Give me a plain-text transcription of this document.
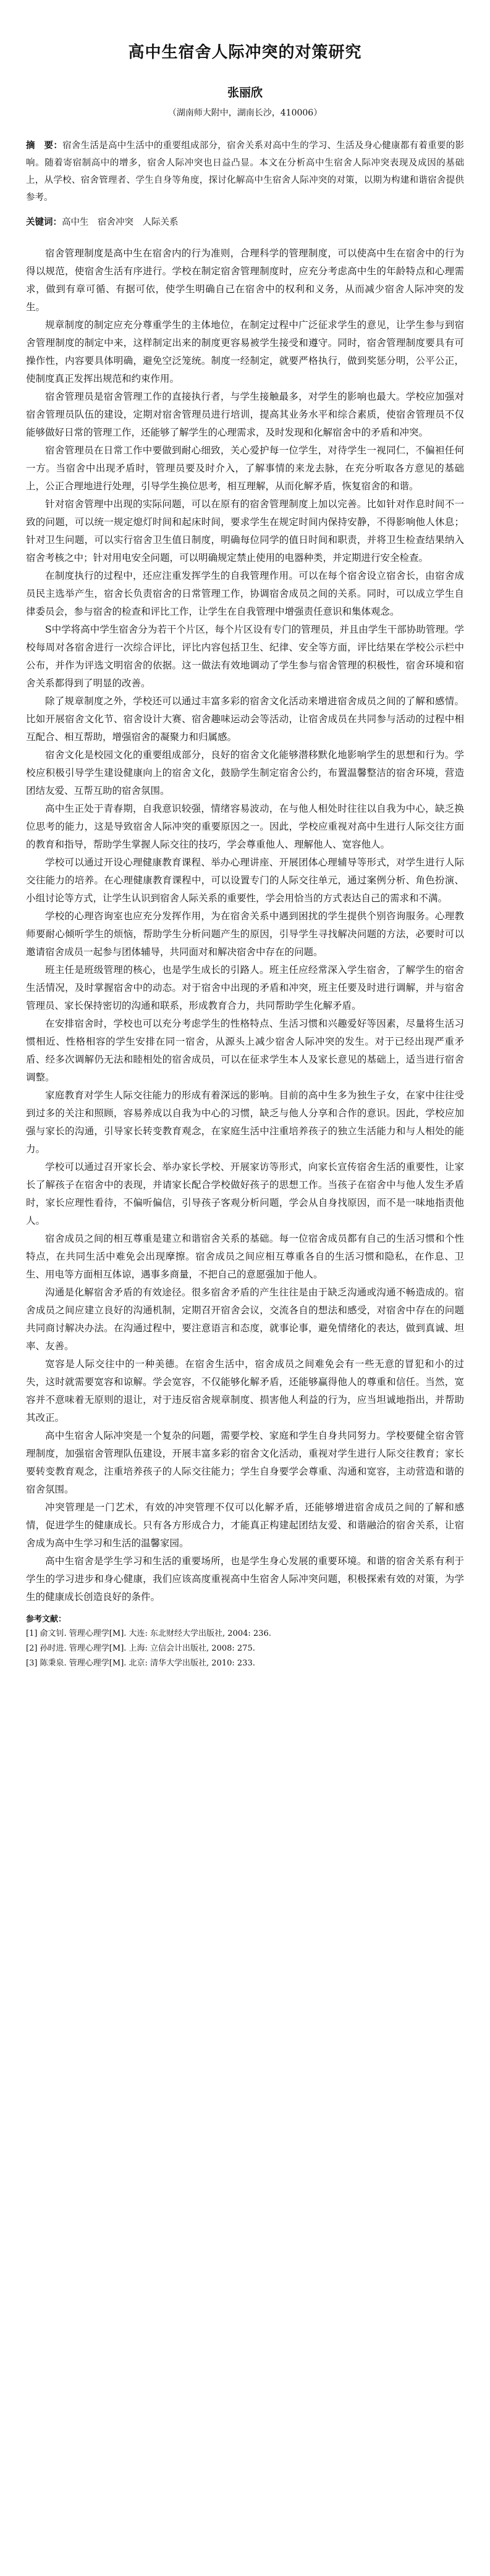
高中生宿舍人际冲突的对策研究
张丽欣
（湖南师大附中，湖南长沙，410006）

摘　要：宿舍生活是高中生活中的重要组成部分，宿舍关系对高中生的学习、生活及身心健康都有着重要的影响。随着寄宿制高中的增多，宿舍人际冲突也日益凸显。本文在分析高中生宿舍人际冲突表现及成因的基础上，从学校、宿舍管理者、学生自身等角度，探讨化解高中生宿舍人际冲突的对策，以期为构建和谐宿舍提供参考。

关键词：高中生　宿舍冲突　人际关系

宿舍管理制度是高中生在宿舍内的行为准则，合理科学的管理制度，可以使高中生在宿舍中的行为得以规范，使宿舍生活有序进行。学校在制定宿舍管理制度时，应充分考虑高中生的年龄特点和心理需求，做到有章可循、有据可依，使学生明确自己在宿舍中的权利和义务，从而减少宿舍人际冲突的发生。

规章制度的制定应充分尊重学生的主体地位，在制定过程中广泛征求学生的意见，让学生参与到宿舍管理制度的制定中来，这样制定出来的制度更容易被学生接受和遵守。同时，宿舍管理制度要具有可操作性，内容要具体明确，避免空泛笼统。制度一经制定，就要严格执行，做到奖惩分明，公平公正，使制度真正发挥出规范和约束作用。

宿舍管理员是宿舍管理工作的直接执行者，与学生接触最多，对学生的影响也最大。学校应加强对宿舍管理员队伍的建设，定期对宿舍管理员进行培训，提高其业务水平和综合素质，使宿舍管理员不仅能够做好日常的管理工作，还能够了解学生的心理需求，及时发现和化解宿舍中的矛盾和冲突。

宿舍管理员在日常工作中要做到耐心细致，关心爱护每一位学生，对待学生一视同仁，不偏袒任何一方。当宿舍中出现矛盾时，管理员要及时介入，了解事情的来龙去脉，在充分听取各方意见的基础上，公正合理地进行处理，引导学生换位思考，相互理解，从而化解矛盾，恢复宿舍的和谐。

针对宿舍管理中出现的实际问题，可以在原有的宿舍管理制度上加以完善。比如针对作息时间不一致的问题，可以统一规定熄灯时间和起床时间，要求学生在规定时间内保持安静，不得影响他人休息；针对卫生问题，可以实行宿舍卫生值日制度，明确每位同学的值日时间和职责，并将卫生检查结果纳入宿舍考核之中；针对用电安全问题，可以明确规定禁止使用的电器种类，并定期进行安全检查。

在制度执行的过程中，还应注重发挥学生的自我管理作用。可以在每个宿舍设立宿舍长，由宿舍成员民主选举产生，宿舍长负责宿舍的日常管理工作，协调宿舍成员之间的关系。同时，可以成立学生自律委员会，参与宿舍的检查和评比工作，让学生在自我管理中增强责任意识和集体观念。

S中学将高中学生宿舍分为若干个片区，每个片区设有专门的管理员，并且由学生干部协助管理。学校每周对各宿舍进行一次综合评比，评比内容包括卫生、纪律、安全等方面，评比结果在学校公示栏中公布，并作为评选文明宿舍的依据。这一做法有效地调动了学生参与宿舍管理的积极性，宿舍环境和宿舍关系都得到了明显的改善。

除了规章制度之外，学校还可以通过丰富多彩的宿舍文化活动来增进宿舍成员之间的了解和感情。比如开展宿舍文化节、宿舍设计大赛、宿舍趣味运动会等活动，让宿舍成员在共同参与活动的过程中相互配合、相互帮助，增强宿舍的凝聚力和归属感。

宿舍文化是校园文化的重要组成部分，良好的宿舍文化能够潜移默化地影响学生的思想和行为。学校应积极引导学生建设健康向上的宿舍文化，鼓励学生制定宿舍公约，布置温馨整洁的宿舍环境，营造团结友爱、互帮互助的宿舍氛围。

高中生正处于青春期，自我意识较强，情绪容易波动，在与他人相处时往往以自我为中心，缺乏换位思考的能力，这是导致宿舍人际冲突的重要原因之一。因此，学校应重视对高中生进行人际交往方面的教育和指导，帮助学生掌握人际交往的技巧，学会尊重他人、理解他人、宽容他人。

学校可以通过开设心理健康教育课程、举办心理讲座、开展团体心理辅导等形式，对学生进行人际交往能力的培养。在心理健康教育课程中，可以设置专门的人际交往单元，通过案例分析、角色扮演、小组讨论等方式，让学生认识到宿舍人际关系的重要性，学会用恰当的方式表达自己的需求和不满。

学校的心理咨询室也应充分发挥作用，为在宿舍关系中遇到困扰的学生提供个别咨询服务。心理教师要耐心倾听学生的烦恼，帮助学生分析问题产生的原因，引导学生寻找解决问题的方法，必要时可以邀请宿舍成员一起参与团体辅导，共同面对和解决宿舍中存在的问题。

班主任是班级管理的核心，也是学生成长的引路人。班主任应经常深入学生宿舍，了解学生的宿舍生活情况，及时掌握宿舍中的动态。对于宿舍中出现的矛盾和冲突，班主任要及时进行调解，并与宿舍管理员、家长保持密切的沟通和联系，形成教育合力，共同帮助学生化解矛盾。

在安排宿舍时，学校也可以充分考虑学生的性格特点、生活习惯和兴趣爱好等因素，尽量将生活习惯相近、性格相容的学生安排在同一宿舍，从源头上减少宿舍人际冲突的发生。对于已经出现严重矛盾、经多次调解仍无法和睦相处的宿舍成员，可以在征求学生本人及家长意见的基础上，适当进行宿舍调整。

家庭教育对学生人际交往能力的形成有着深远的影响。目前的高中生多为独生子女，在家中往往受到过多的关注和照顾，容易养成以自我为中心的习惯，缺乏与他人分享和合作的意识。因此，学校应加强与家长的沟通，引导家长转变教育观念，在家庭生活中注重培养孩子的独立生活能力和与人相处的能力。

学校可以通过召开家长会、举办家长学校、开展家访等形式，向家长宣传宿舍生活的重要性，让家长了解孩子在宿舍中的表现，并请家长配合学校做好孩子的思想工作。当孩子在宿舍中与他人发生矛盾时，家长应理性看待，不偏听偏信，引导孩子客观分析问题，学会从自身找原因，而不是一味地指责他人。

宿舍成员之间的相互尊重是建立和谐宿舍关系的基础。每一位宿舍成员都有自己的生活习惯和个性特点，在共同生活中难免会出现摩擦。宿舍成员之间应相互尊重各自的生活习惯和隐私，在作息、卫生、用电等方面相互体谅，遇事多商量，不把自己的意愿强加于他人。

沟通是化解宿舍矛盾的有效途径。很多宿舍矛盾的产生往往是由于缺乏沟通或沟通不畅造成的。宿舍成员之间应建立良好的沟通机制，定期召开宿舍会议，交流各自的想法和感受，对宿舍中存在的问题共同商讨解决办法。在沟通过程中，要注意语言和态度，就事论事，避免情绪化的表达，做到真诚、坦率、友善。

宽容是人际交往中的一种美德。在宿舍生活中，宿舍成员之间难免会有一些无意的冒犯和小的过失，这时就需要宽容和谅解。学会宽容，不仅能够化解矛盾，还能够赢得他人的尊重和信任。当然，宽容并不意味着无原则的退让，对于违反宿舍规章制度、损害他人利益的行为，应当坦诚地指出，并帮助其改正。

高中生宿舍人际冲突是一个复杂的问题，需要学校、家庭和学生自身共同努力。学校要健全宿舍管理制度，加强宿舍管理队伍建设，开展丰富多彩的宿舍文化活动，重视对学生进行人际交往教育；家长要转变教育观念，注重培养孩子的人际交往能力；学生自身要学会尊重、沟通和宽容，主动营造和谐的宿舍氛围。

冲突管理是一门艺术，有效的冲突管理不仅可以化解矛盾，还能够增进宿舍成员之间的了解和感情，促进学生的健康成长。只有各方形成合力，才能真正构建起团结友爱、和谐融洽的宿舍关系，让宿舍成为高中生学习和生活的温馨家园。

高中生宿舍是学生学习和生活的重要场所，也是学生身心发展的重要环境。和谐的宿舍关系有利于学生的学习进步和身心健康，我们应该高度重视高中生宿舍人际冲突问题，积极探索有效的对策，为学生的健康成长创造良好的条件。

参考文献：

[1] 俞文钊. 管理心理学[M]. 大连: 东北财经大学出版社, 2004: 236.

[2] 孙时进. 管理心理学[M]. 上海: 立信会计出版社, 2008: 275.

[3] 陈秉泉. 管理心理学[M]. 北京: 清华大学出版社, 2010: 233.
